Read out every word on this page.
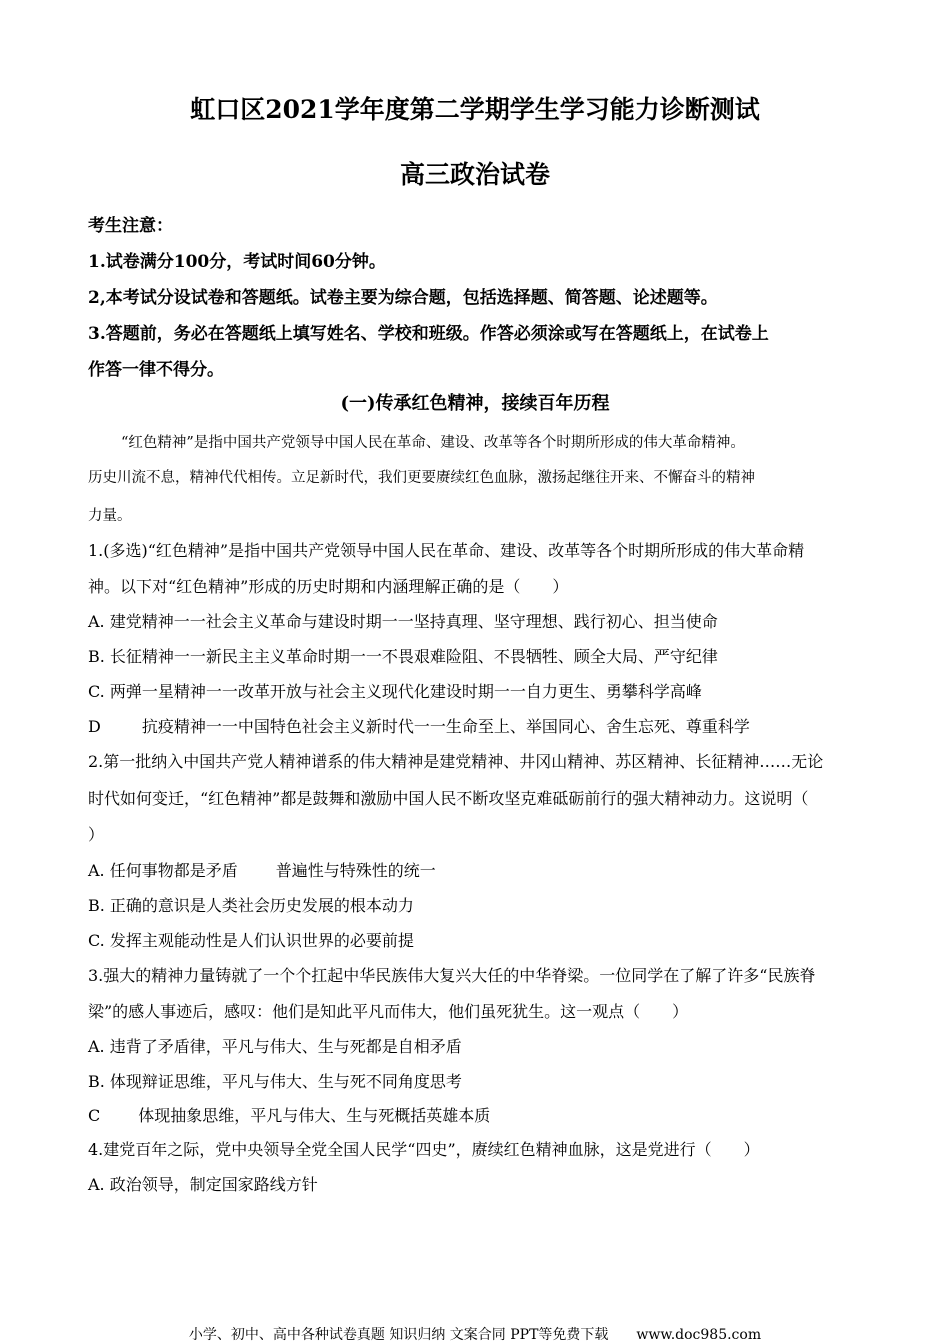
虹口区2021学年度第二学期学生学习能力诊断测试
高三政治试卷
考生注意：
1.试卷满分100分，考试时间60分钟。
2,本考试分设试卷和答题纸。试卷主要为综合题，包括选择题、简答题、论述题等。
3.答题前，务必在答题纸上填写姓名、学校和班级。作答必须涂或写在答题纸上，在试卷上
作答一律不得分。
(一)传承红色精神，接续百年历程
“红色精神”是指中国共产党领导中国人民在革命、建设、改革等各个时期所形成的伟大革命精神。
历史川流不息，精神代代相传。立足新时代，我们更要赓续红色血脉，激扬起继往开来、不懈奋斗的精神
力量。
1.(多选)“红色精神”是指中国共产党领导中国人民在革命、建设、改革等各个时期所形成的伟大革命精
神。以下对“红色精神”形成的历史时期和内涵理解正确的是（　　）
A. 建党精神一一社会主义革命与建设时期一一坚持真理、坚守理想、践行初心、担当使命
B. 长征精神一一新民主主义革命时期一一不畏艰难险阻、不畏牺牲、顾全大局、严守纪律
C. 两弹一星精神一一改革开放与社会主义现代化建设时期一一自力更生、勇攀科学高峰
D	抗疫精神一一中国特色社会主义新时代一一生命至上、举国同心、舍生忘死、尊重科学
2.第一批纳入中国共产党人精神谱系的伟大精神是建党精神、井冈山精神、苏区精神、长征精神……无论
时代如何变迁，“红色精神”都是鼓舞和激励中国人民不断攻坚克难砥砺前行的强大精神动力。这说明（
）
A. 任何事物都是矛盾 普遍性与特殊性的统一
B. 正确的意识是人类社会历史发展的根本动力
C. 发挥主观能动性是人们认识世界的必要前提
3.强大的精神力量铸就了一个个扛起中华民族伟大复兴大任的中华脊梁。一位同学在了解了许多“民族脊
梁”的感人事迹后，感叹：他们是知此平凡而伟大，他们虽死犹生。这一观点（　　）
A. 违背了矛盾律，平凡与伟大、生与死都是自相矛盾
B. 体现辩证思维，平凡与伟大、生与死不同角度思考
C 体现抽象思维，平凡与伟大、生与死概括英雄本质
4.建党百年之际，党中央领导全党全国人民学“四史”，赓续红色精神血脉，这是党进行（　　）
A. 政治领导，制定国家路线方针
小学、初中、高中各种试卷真题 知识归纳 文案合同 PPT等免费下载　　www.doc985.com
